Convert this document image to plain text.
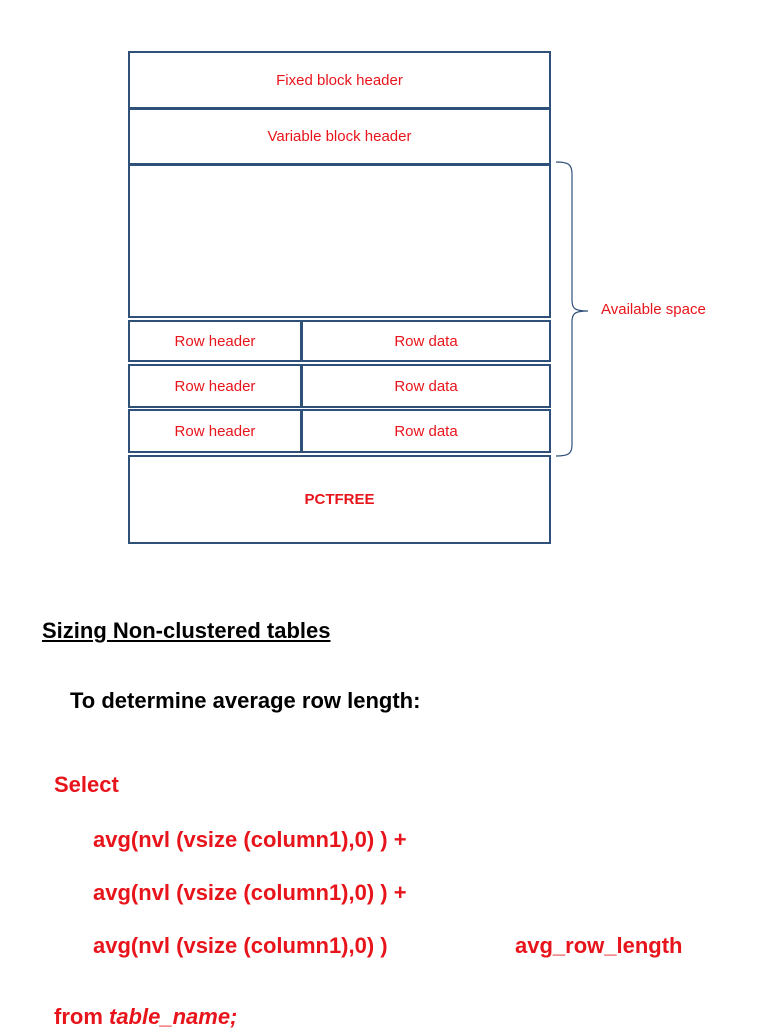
Fixed block header
Variable block header
Row header	Row data
Row header	Row data
Row header	Row data
PCTFREE
Available space
Sizing Non-clustered tables
To determine average row length:
Select
avg(nvl (vsize (column1),0) ) +
avg(nvl (vsize (column1),0) ) +
avg(nvl (vsize (column1),0) )	avg_row_length
from table_name;
